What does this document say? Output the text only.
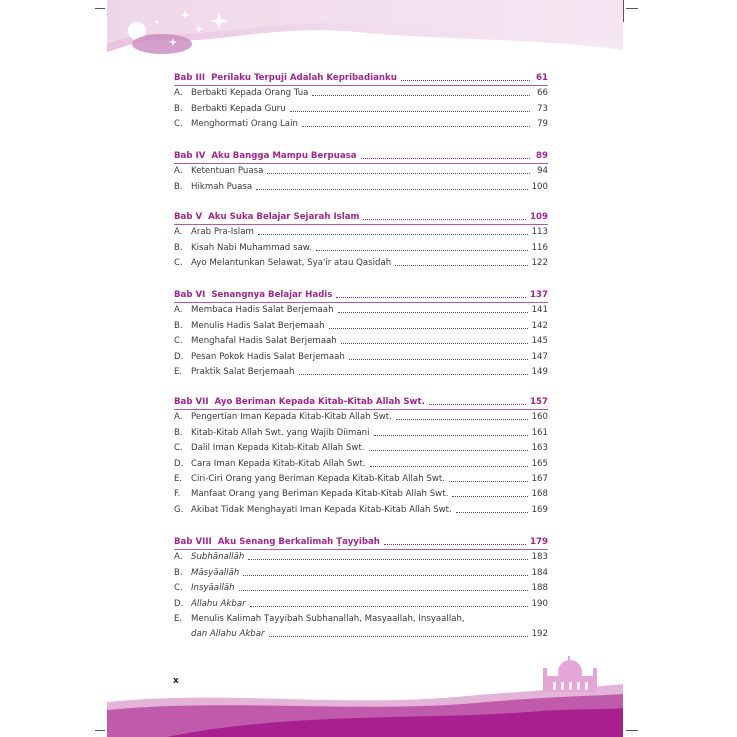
Bab III Perilaku Terpuji Adalah Kepribadianku	61
A. Berbakti Kepada Orang Tua	66
B. Berbakti Kepada Guru	73
C. Menghormati Orang Lain	79
Bab IV Aku Bangga Mampu Berpuasa	89
A. Ketentuan Puasa	94
B. Hikmah Puasa	100
Bab V Aku Suka Belajar Sejarah Islam	109
A. Arab Pra-Islam	113
B. Kisah Nabi Muhammad saw.	116
C. Ayo Melantunkan Selawat, Sya'ir atau Qasidah	122
Bab VI Senangnya Belajar Hadis	137
A. Membaca Hadis Salat Berjemaah	141
B. Menulis Hadis Salat Berjemaah	142
C. Menghafal Hadis Salat Berjemaah	145
D. Pesan Pokok Hadis Salat Berjemaah	147
E.	Praktik Salat Berjemaah	149
Bab VII Ayo Beriman Kepada Kitab-Kitab Allah Swt.	157
A. Pengertian Iman Kepada Kitab-Kitab Allah Swt.	160
B. Kitab-Kitab Allah Swt. yang Wajib Diimani	161
C. Dalil Iman Kepada Kitab-Kitab Allah Swt.	163
D. Cara Iman Kepada Kitab-Kitab Allah Swt.	165
E.	Ciri-Ciri Orang yang Beriman Kepada Kitab-Kitab Allah Swt.	167
F.	Manfaat Orang yang Beriman Kepada Kitab-Kitab Allah Swt.	168
G. Akibat Tidak Menghayati Iman Kepada Kitab-Kitab Allah Swt.	169
Bab VIII Aku Senang Berkalimah Ṭayyibah	179
A. Subhānallāh	183
B. Māsyāallāh	184
C. Insyāallāh	188
D. Allahu Akbar	190
E.	Menulis Kalimah Ṭayyibah Subhanallah, Masyaallah, Insyaallah,
dan Allahu Akbar	192
x
